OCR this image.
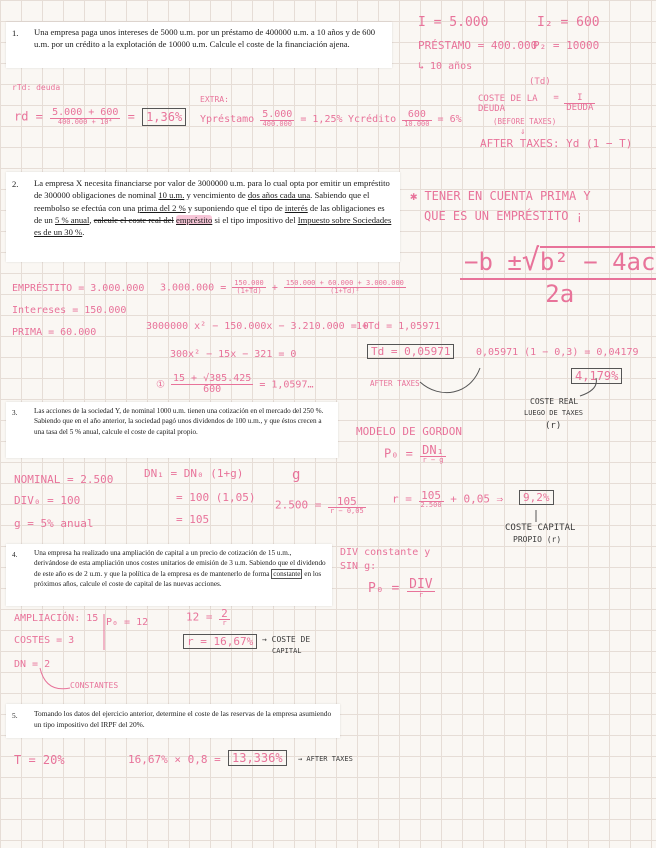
1. Una empresa paga unos intereses de 5000 u.m. por un préstamo de 400000 u.m. a 10 años y de 600 u.m. por un crédito a la explotación de 10000 u.m. Calcule el coste de la financiación ajena.
I = 5.000	I₂ = 600
PRÉSTAMO = 400.000
P₂ = 10000
↳ 10 años
(Td)
COSTE DE LA DEUDA = $\frac{I}{\text{DEUDA}}$
(BEFORE TAXES)
⇓
AFTER TAXES: Yd (1 − T)
rTd: deuda
rd = $\frac{5.000 + 600}{\text{400.000 + 10⁴}} = 1,36\%$
EXTRA:
Ypréstamo $\frac{5.000}{400.000} = 1,25\%$ Ycrédito $\frac{600}{10.000} = 6\%$
2. La empresa X necesita financiarse por valor de 3000000 u.m. para lo cual opta por emitir un empréstito de 300000 obligaciones de nominal 10 u.m. y vencimiento de dos años cada una. Sabiendo que el reembolso se efectúa con una prima del 2 % y suponiendo que el tipo de interés de las obligaciones es de un 5 % anual, calcule el coste real del empréstito si el tipo impositivo del Impuesto sobre Sociedades es de un 30 %.
✱ TENER EN CUENTA PRIMA Y
QUE ES UN EMPRÉSTITO ¡
$\frac{\text{−b ±√b² − 4ac}}{2a}$
EMPRÉSTITO = 3.000.000
Intereses = 150.000
PRIMA = 60.000
$3.000.000 = \frac{150.000}{(1+Td)} + \frac{150.000 + 60.000 + 3.000.000}{\text{(1+Td)²}}$
3000000 x² − 150.000x − 3.210.000 = 0
1+Td = 1,05971
300x² − 15x − 321 = 0	Td = 0,05971
① $\frac{15 + √385.425}{600}$ = 1,0597…	AFTER TAXES
0,05971 (1 − 0,3) = 0,04179
4,179%
COSTE REAL
LUEGO DE TAXES
(r)
3. Las acciones de la sociedad Y, de nominal 1000 u.m. tienen una cotización en el mercado del 250 %. Sabiendo que en el año anterior, la sociedad pagó unos dividendos de 100 u.m., y que éstos crecen a una tasa del 5 % anual, calcule el coste de capital propio.	MODELO DE GORDON
$P_0 = \frac{\text{DN₁}}{r - g}$
NOMINAL = 2.500
DIV₀ = 100
g = 5% anual
DN₁ = DN₀ (1+g)
= 100 (1,05)
= 105
g
$2.500 = \frac{105}{r - 0,05}$ $r = \frac{105}{2.500} + 0,05$ ⇒	9,2%
COSTE CAPITAL
PROPIO (r)
4. Una empresa ha realizado una ampliación de capital a un precio de cotización de 15 u.m., derivándose de esta ampliación unos costes unitarios de emisión de 3 u.m. Sabiendo que el dividendo de este año es de 2 u.m. y que la política de la empresa es de mantenerlo de forma constante en los próximos años, calcule el coste de capital de las nuevas acciones.
DIV constante y
SIN g:
$P_0 = \frac{\text{DIV}}{r}$
AMPLIACIÓN: 15 P₀ = 12
COSTES = 3
DN = 2
CONSTANTES
$12 = \frac{2}{r}$
r = 16,67%	→ COSTE DE
CAPITAL
5. Tomando los datos del ejercicio anterior, determine el coste de las reservas de la empresa asumiendo un tipo impositivo del IRPF del 20%.
T = 20%	16,67% × 0,8 = 13,336%	→ AFTER TAXES
